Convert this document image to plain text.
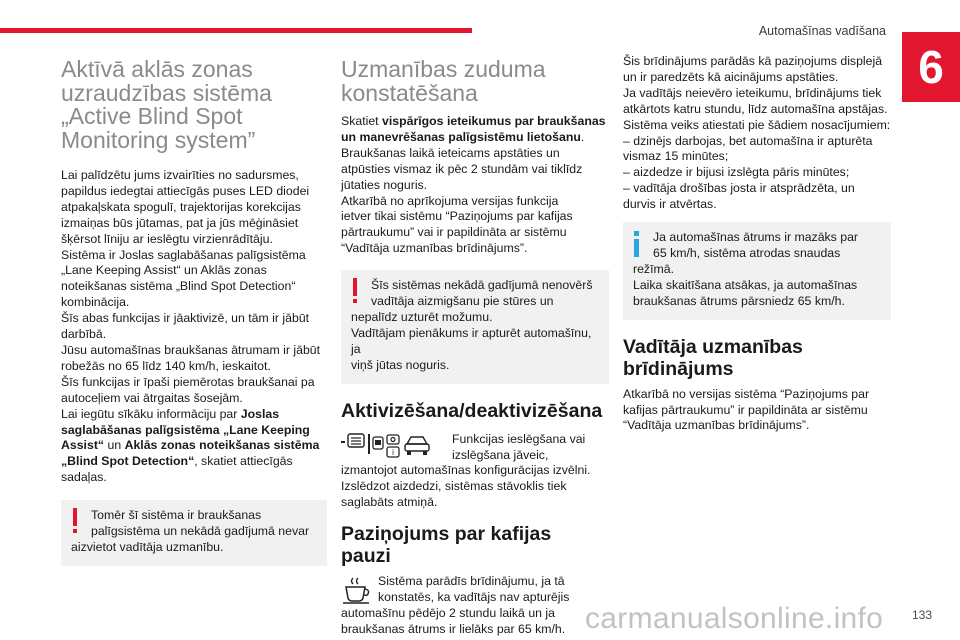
Automašīnas vadīšana
6
Aktīvā aklās zonas
uzraudzības sistēma „Active Blind Spot Monitoring system”
Lai palīdzētu jums izvairīties no sadursmes,
papildus iedegtai attiecīgās puses LED diodei
atpakaļskata spogulī, trajektorijas korekcijas
izmaiņas būs jūtamas, pat ja jūs mēģināsiet
šķērsot līniju ar ieslēgtu virzienrādītāju.
Sistēma ir Joslas saglabāšanas palīgsistēma
„Lane Keeping Assist“ un Aklās zonas
noteikšanas sistēma „Blind Spot Detection“
kombinācija.
Šīs abas funkcijas ir jāaktivizē, un tām ir jābūt
darbībā.
Jūsu automašīnas braukšanas ātrumam ir jābūt
robežās no 65 līdz 140 km/h, ieskaitot.
Šīs funkcijas ir īpaši piemērotas braukšanai pa
autoceļiem vai ātrgaitas šosejām.
Lai iegūtu sīkāku informāciju par Joslas
saglabāšanas palīgsistēma „Lane Keeping
Assist“ un Aklās zonas noteikšanas sistēma
„Blind Spot Detection“, skatiet attiecīgās
sadaļas.
Tomēr šī sistēma ir braukšanas
palīgsistēma un nekādā gadījumā nevar
aizvietot vadītāja uzmanību.
Uzmanības zuduma
konstatēšana
Skatiet vispārīgos ieteikumus par braukšanas
un manevrēšanas palīgsistēmu lietošanu.
Braukšanas laikā ieteicams apstāties un
atpūsties vismaz ik pēc 2 stundām vai tiklīdz
jūtaties noguris.
Atkarībā no aprīkojuma versijas funkcija
ietver tikai sistēmu “Paziņojums par kafijas
pārtraukumu” vai ir papildināta ar sistēmu
“Vadītāja uzmanības brīdinājums”.
Šīs sistēmas nekādā gadījumā nenovērš
vadītāja aizmigšanu pie stūres un
nepalīdz uzturēt možumu.
Vadītājam pienākums ir apturēt automašīnu, ja
viņš jūtas noguris.
Aktivizēšana/deaktivizēšana
i
Funkcijas ieslēgšana vai
izslēgšana jāveic,
izmantojot automašīnas konfigurācijas izvēlni.
Izslēdzot aizdedzi, sistēmas stāvoklis tiek
saglabāts atmiņā.
Paziņojums par kafijas
pauzi
Sistēma parādīs brīdinājumu, ja tā
konstatēs, ka vadītājs nav apturējis
automašīnu pēdējo 2 stundu laikā un ja
braukšanas ātrums ir lielāks par 65 km/h.
Šis brīdinājums parādās kā paziņojums displejā
un ir paredzēts kā aicinājums apstāties.
Ja vadītājs neievēro ieteikumu, brīdinājums tiek
atkārtots katru stundu, līdz automašīna apstājas.
Sistēma veiks atiestati pie šādiem nosacījumiem:
– dzinējs darbojas, bet automašīna ir apturēta
vismaz 15 minūtes;
– aizdedze ir bijusi izslēgta pāris minūtes;
– vadītāja drošības josta ir atsprādzēta, un
durvis ir atvērtas.
Ja automašīnas ātrums ir mazāks par
65 km/h, sistēma atrodas snaudas
režīmā.
Laika skaitīšana atsākas, ja automašīnas
braukšanas ātrums pārsniedz 65 km/h.
Vadītāja uzmanības
brīdinājums
Atkarībā no versijas sistēma “Paziņojums par
kafijas pārtraukumu” ir papildināta ar sistēmu
“Vadītāja uzmanības brīdinājums”.
carmanualsonline.info 133
